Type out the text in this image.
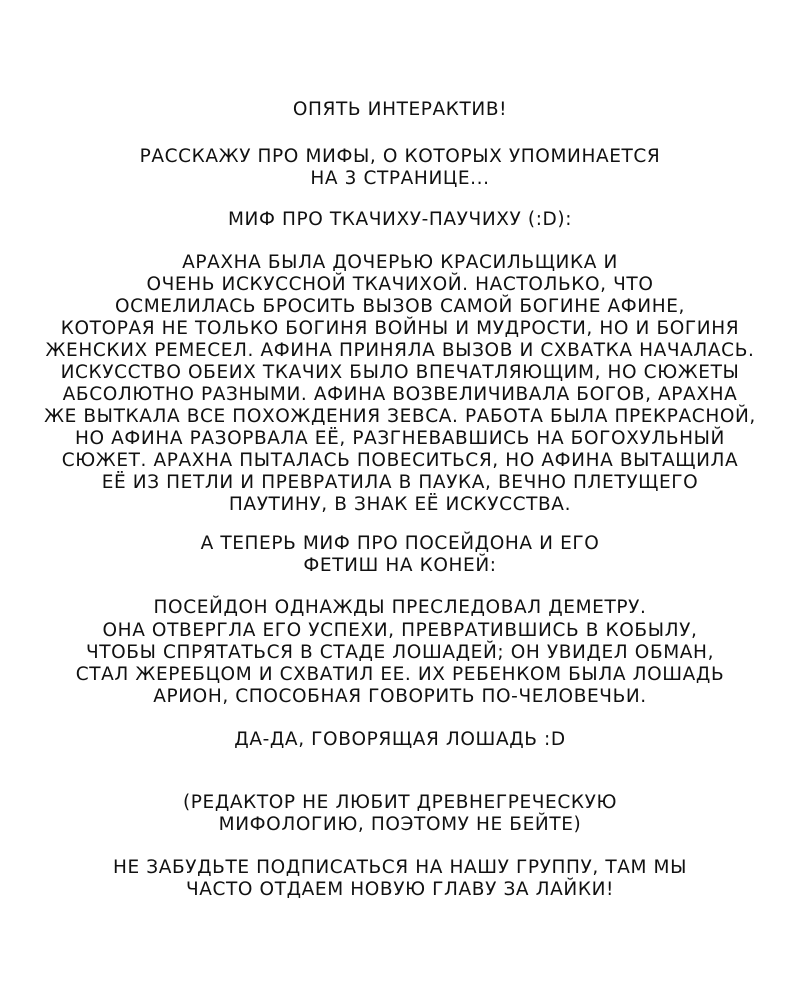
ОПЯТЬ ИНТЕРАКТИВ!
РАССКАЖУ ПРО МИФЫ, О КОТОРЫХ УПОМИНАЕТСЯ
НА 3 СТРАНИЦЕ...
МИФ ПРО ТКАЧИХУ-ПАУЧИХУ (:D):
АРАХНА БЫЛА ДОЧЕРЬЮ КРАСИЛЬЩИКА И
ОЧЕНЬ ИСКУССНОЙ ТКАЧИХОЙ. НАСТОЛЬКО, ЧТО
ОСМЕЛИЛАСЬ БРОСИТЬ ВЫЗОВ САМОЙ БОГИНЕ АФИНЕ,
КОТОРАЯ НЕ ТОЛЬКО БОГИНЯ ВОЙНЫ И МУДРОСТИ, НО И БОГИНЯ
ЖЕНСКИХ РЕМЕСЕЛ. АФИНА ПРИНЯЛА ВЫЗОВ И СХВАТКА НАЧАЛАСЬ.
ИСКУССТВО ОБЕИХ ТКАЧИХ БЫЛО ВПЕЧАТЛЯЮЩИМ, НО СЮЖЕТЫ
АБСОЛЮТНО РАЗНЫМИ. АФИНА ВОЗВЕЛИЧИВАЛА БОГОВ, АРАХНА
ЖЕ ВЫТКАЛА ВСЕ ПОХОЖДЕНИЯ ЗЕВСА. РАБОТА БЫЛА ПРЕКРАСНОЙ,
НО АФИНА РАЗОРВАЛА ЕЁ, РАЗГНЕВАВШИСЬ НА БОГОХУЛЬНЫЙ
СЮЖЕТ. АРАХНА ПЫТАЛАСЬ ПОВЕСИТЬСЯ, НО АФИНА ВЫТАЩИЛА
ЕЁ ИЗ ПЕТЛИ И ПРЕВРАТИЛА В ПАУКА, ВЕЧНО ПЛЕТУЩЕГО
ПАУТИНУ, В ЗНАК ЕЁ ИСКУССТВА.
А ТЕПЕРЬ МИФ ПРО ПОСЕЙДОНА И ЕГО
ФЕТИШ НА КОНЕЙ:
ПОСЕЙДОН ОДНАЖДЫ ПРЕСЛЕДОВАЛ ДЕМЕТРУ.
ОНА ОТВЕРГЛА ЕГО УСПЕХИ, ПРЕВРАТИВШИСЬ В КОБЫЛУ,
ЧТОБЫ СПРЯТАТЬСЯ В СТАДЕ ЛОШАДЕЙ; ОН УВИДЕЛ ОБМАН,
СТАЛ ЖЕРЕБЦОМ И СХВАТИЛ ЕЕ. ИХ РЕБЕНКОМ БЫЛА ЛОШАДЬ
АРИОН, СПОСОБНАЯ ГОВОРИТЬ ПО-ЧЕЛОВЕЧЬИ.
ДА-ДА, ГОВОРЯЩАЯ ЛОШАДЬ :D
(РЕДАКТОР НЕ ЛЮБИТ ДРЕВНЕГРЕЧЕСКУЮ
МИФОЛОГИЮ, ПОЭТОМУ НЕ БЕЙТЕ)
НЕ ЗАБУДЬТЕ ПОДПИСАТЬСЯ НА НАШУ ГРУППУ, ТАМ МЫ
ЧАСТО ОТДАЕМ НОВУЮ ГЛАВУ ЗА ЛАЙКИ!
